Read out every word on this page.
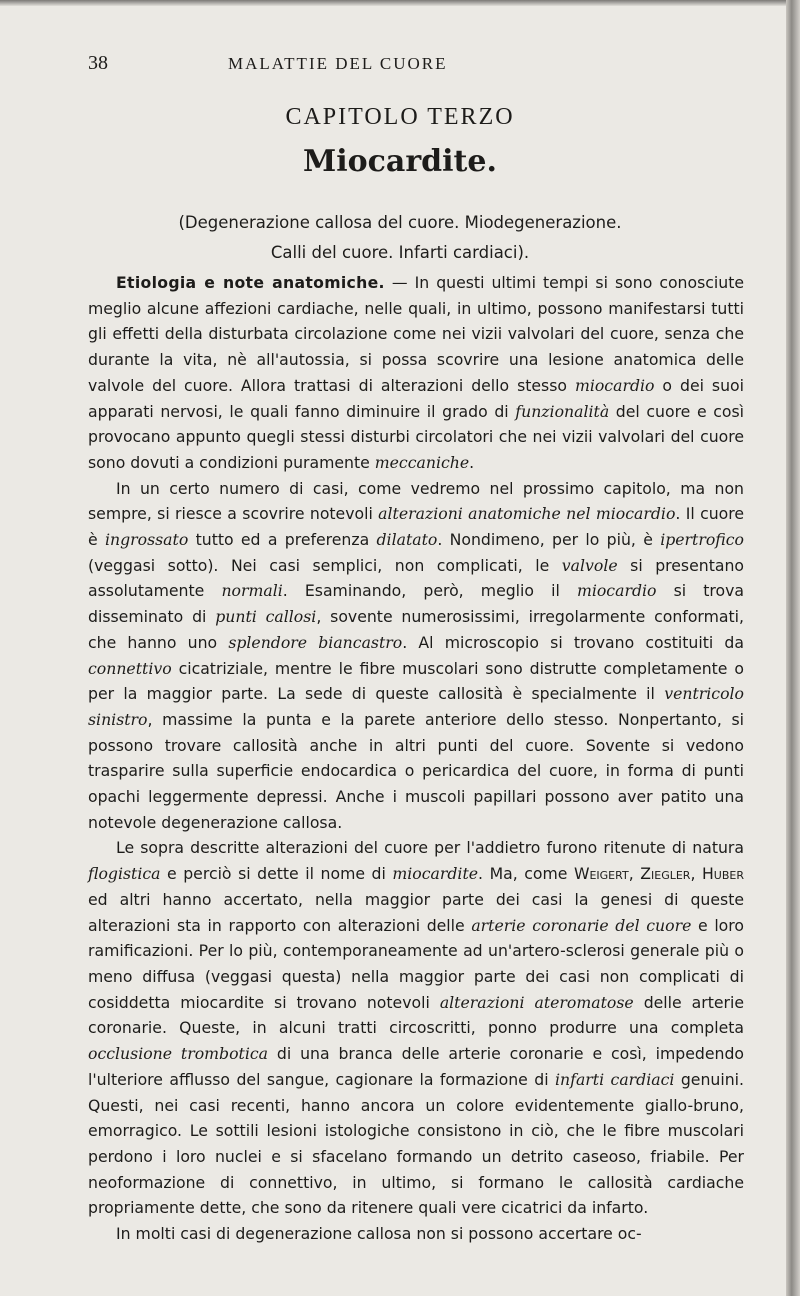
38	MALATTIE DEL CUORE
CAPITOLO TERZO
Miocardite.
(Degenerazione callosa del cuore. Miodegenerazione.
Calli del cuore. Infarti cardiaci).

Etiologia e note anatomiche. — In questi ultimi tempi si sono conosciute meglio alcune affezioni cardiache, nelle quali, in ultimo, possono manifestarsi tutti gli effetti della disturbata circolazione come nei vizii valvolari del cuore, senza che durante la vita, nè all'autossia, si possa scovrire una lesione anatomica delle valvole del cuore. Allora trattasi di alterazioni dello stesso miocardio o dei suoi apparati nervosi, le quali fanno diminuire il grado di funzionalità del cuore e così provocano appunto quegli stessi disturbi circolatori che nei vizii valvolari del cuore sono dovuti a condizioni puramente meccaniche.

In un certo numero di casi, come vedremo nel prossimo capitolo, ma non sempre, si riesce a scovrire notevoli alterazioni anatomiche nel miocardio. Il cuore è ingrossato tutto ed a preferenza dilatato. Nondimeno, per lo più, è ipertrofico (veggasi sotto). Nei casi semplici, non complicati, le valvole si presentano assolutamente normali. Esaminando, però, meglio il miocardio si trova disseminato di punti callosi, sovente numerosissimi, irregolarmente conformati, che hanno uno splendore biancastro. Al microscopio si trovano costituiti da connettivo cicatriziale, mentre le fibre muscolari sono distrutte completamente o per la maggior parte. La sede di queste callosità è specialmente il ventricolo sinistro, massime la punta e la parete anteriore dello stesso. Nonpertanto, si possono trovare callosità anche in altri punti del cuore. Sovente si vedono trasparire sulla superficie endocardica o pericardica del cuore, in forma di punti opachi leggermente depressi. Anche i muscoli papillari possono aver patito una notevole degenerazione callosa.

Le sopra descritte alterazioni del cuore per l'addietro furono ritenute di natura flogistica e perciò si dette il nome di miocardite. Ma, come Weigert, Ziegler, Huber ed altri hanno accertato, nella maggior parte dei casi la genesi di queste alterazioni sta in rapporto con alterazioni delle arterie coronarie del cuore e loro ramificazioni. Per lo più, contemporaneamente ad un'artero-sclerosi generale più o meno diffusa (veggasi questa) nella maggior parte dei casi non complicati di cosiddetta miocardite si trovano notevoli alterazioni ateromatose delle arterie coronarie. Queste, in alcuni tratti circoscritti, ponno produrre una completa occlusione trombotica di una branca delle arterie coronarie e così, impedendo l'ulteriore afflusso del sangue, cagionare la formazione di infarti cardiaci genuini. Questi, nei casi recenti, hanno ancora un colore evidentemente giallo-bruno, emorragico. Le sottili lesioni istologiche consistono in ciò, che le fibre muscolari perdono i loro nuclei e si sfacelano formando un detrito caseoso, friabile. Per neoformazione di connettivo, in ultimo, si formano le callosità cardiache propriamente dette, che sono da ritenere quali vere cicatrici da infarto.

In molti casi di degenerazione callosa non si possono accertare oc-
